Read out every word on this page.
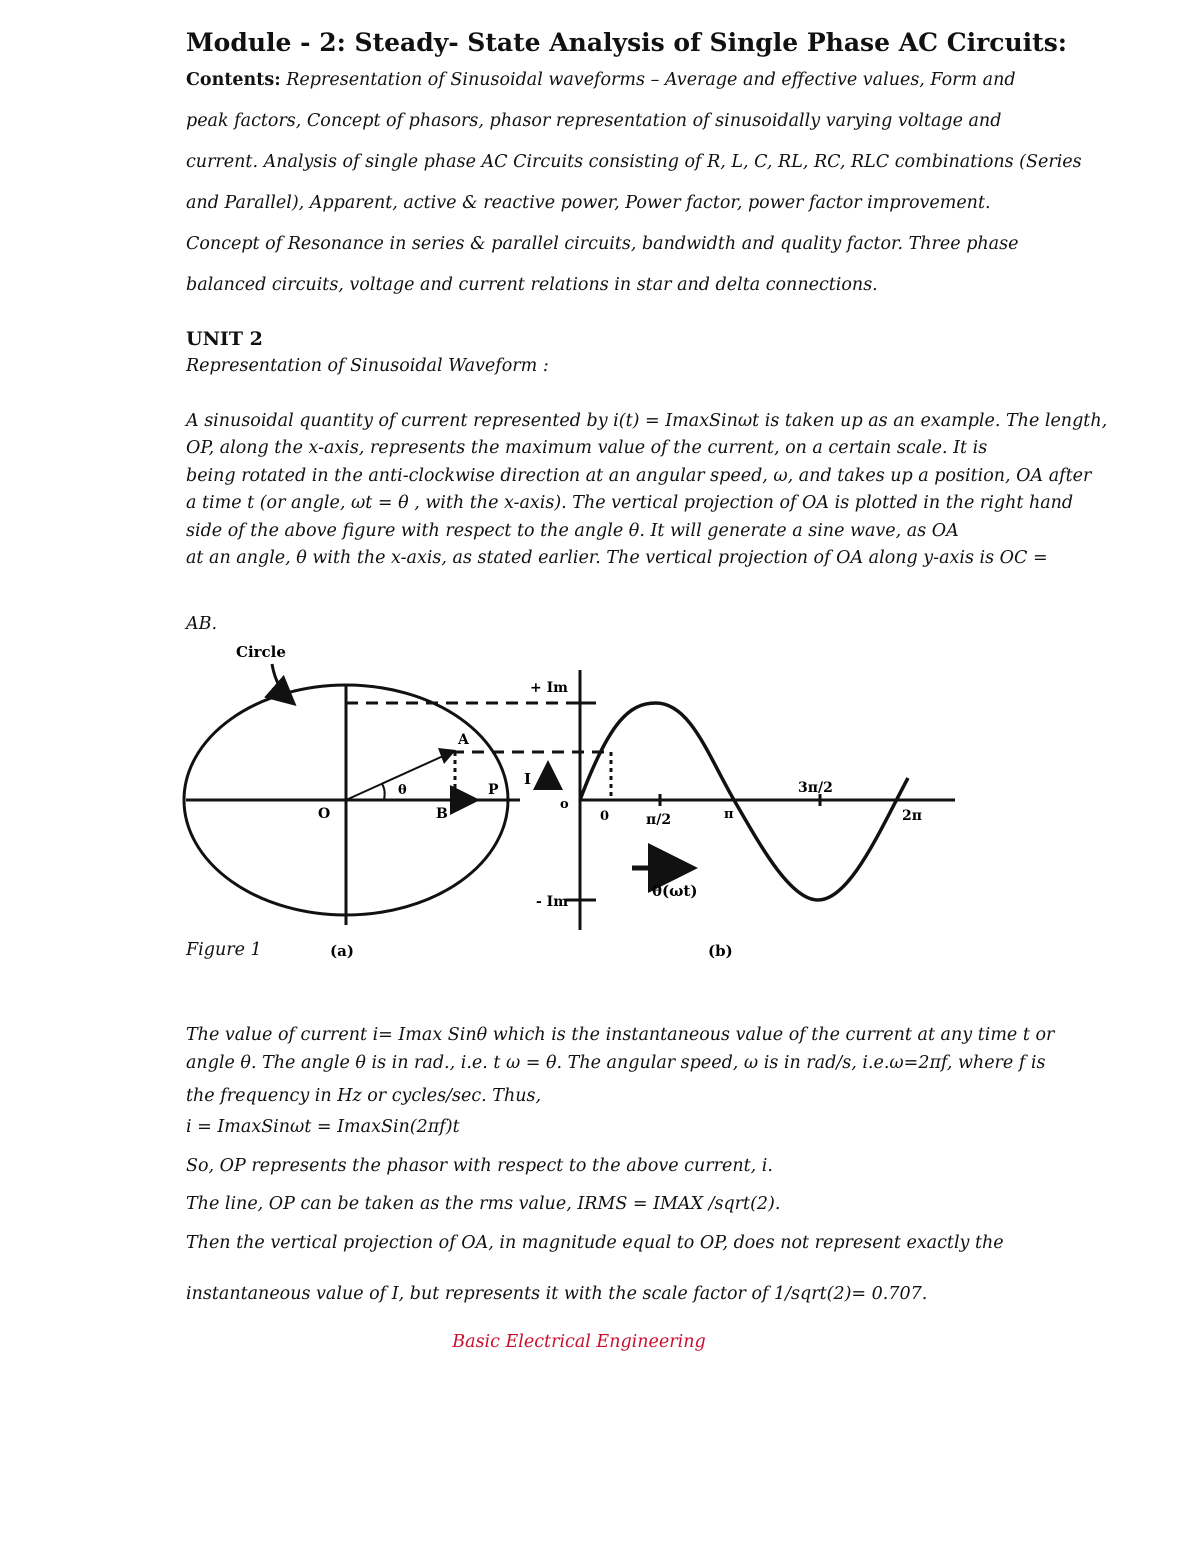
Module - 2: Steady- State Analysis of Single Phase AC Circuits:
Contents: Representation of Sinusoidal waveforms – Average and effective values, Form and
peak factors, Concept of phasors, phasor representation of sinusoidally varying voltage and
current. Analysis of single phase AC Circuits consisting of R, L, C, RL, RC, RLC combinations (Series
and Parallel), Apparent, active & reactive power, Power factor, power factor improvement.
Concept of Resonance in series & parallel circuits, bandwidth and quality factor. Three phase
balanced circuits, voltage and current relations in star and delta connections.
UNIT 2
Representation of Sinusoidal Waveform :
A sinusoidal quantity of current represented by i(t) = ImaxSinωt is taken up as an example. The length,
OP, along the x-axis, represents the maximum value of the current, on a certain scale. It is
being rotated in the anti-clockwise direction at an angular speed, ω, and takes up a position, OA after
a time t (or angle, ωt = θ , with the x-axis). The vertical projection of OA is plotted in the right hand
side of the above figure with respect to the angle θ. It will generate a sine wave, as OA
at an angle, θ with the x-axis, as stated earlier. The vertical projection of OA along y-axis is OC =
AB.
Circle
A
O	B
P
θ
I
+ Im
- Im
o
0	π/2	π
3π/2
2π
θ(ωt)
(a)	(b)
Figure 1
The value of current i= Imax Sinθ which is the instantaneous value of the current at any time t or
angle θ. The angle θ is in rad., i.e. t ω = θ. The angular speed, ω is in rad/s, i.e.ω=2πf, where f is
the frequency in Hz or cycles/sec. Thus,
i = ImaxSinωt = ImaxSin(2πf)t
So, OP represents the phasor with respect to the above current, i.
The line, OP can be taken as the rms value, IRMS = IMAX /sqrt(2).
Then the vertical projection of OA, in magnitude equal to OP, does not represent exactly the
instantaneous value of I, but represents it with the scale factor of 1/sqrt(2)= 0.707.
Basic Electrical Engineering
